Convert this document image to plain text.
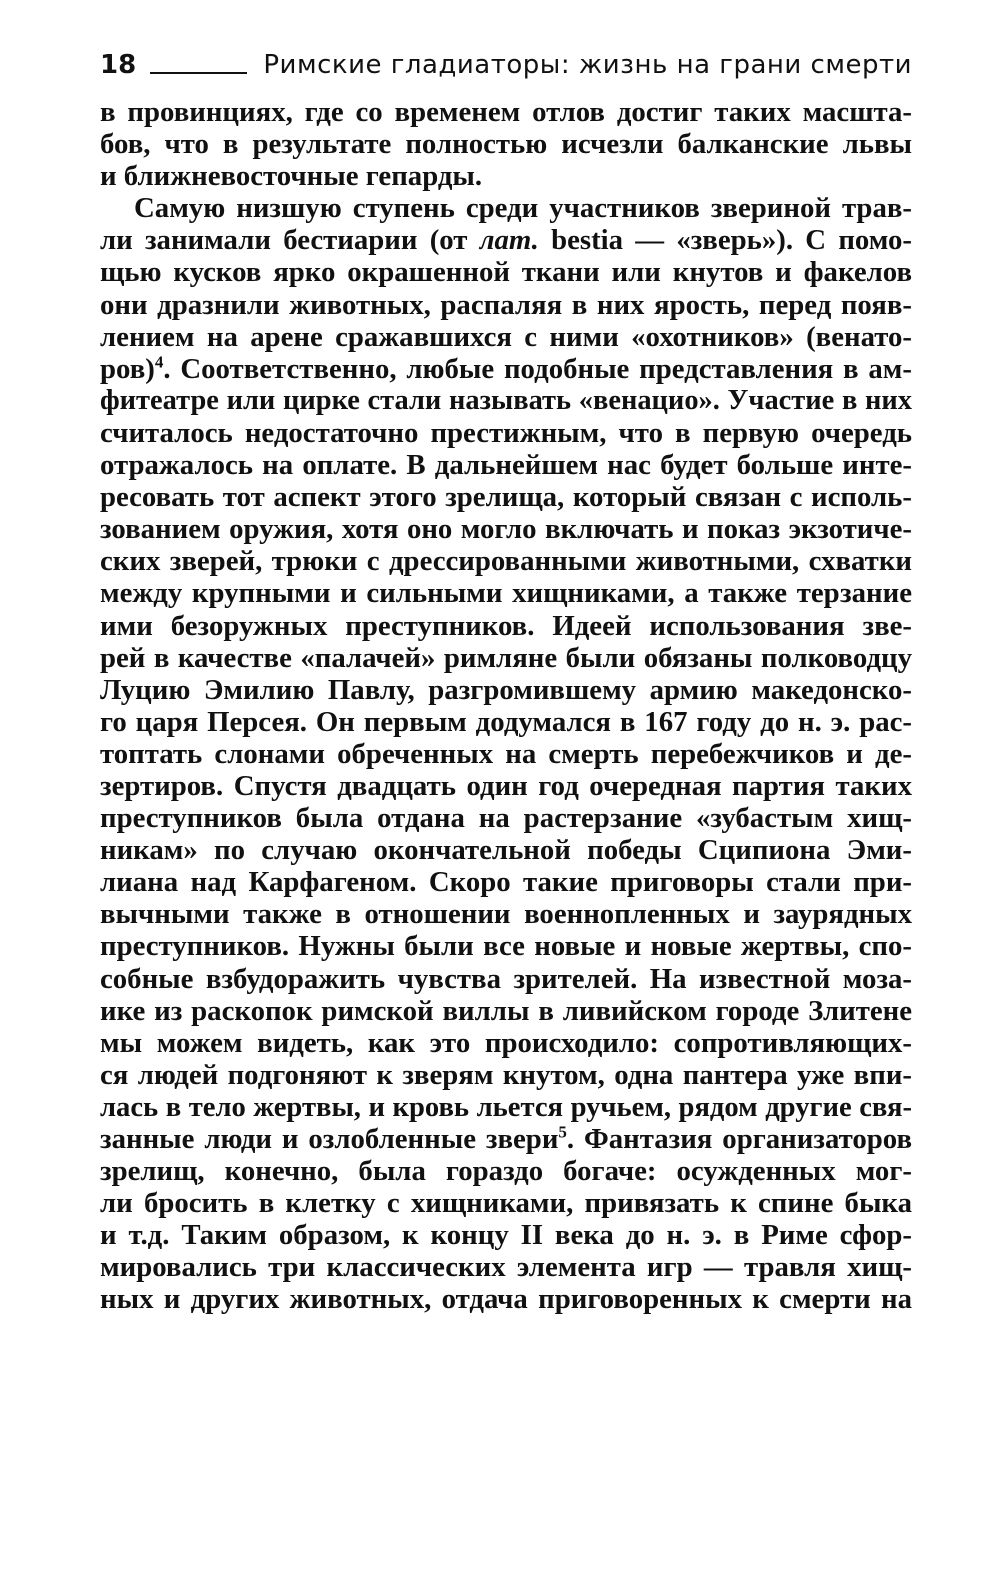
18	Римские гладиаторы: жизнь на грани смерти

в провинциях, где со временем отлов достиг таких масшта-
бов, что в результате полностью исчезли балканские львы
и ближневосточные гепарды.

Самую низшую ступень среди участников звериной трав-
ли занимали бестиарии (от лат. bestia — «зверь»). С помо-
щью кусков ярко окрашенной ткани или кнутов и факелов
они дразнили животных, распаляя в них ярость, перед появ-
лением на арене сражавшихся с ними «охотников» (венато-
ров)$^4$. Соответственно, любые подобные представления в ам-
фитеатре или цирке стали называть «венацио». Участие в них
считалось недостаточно престижным, что в первую очередь
отражалось на оплате. В дальнейшем нас будет больше инте-
ресовать тот аспект этого зрелища, который связан с исполь-
зованием оружия, хотя оно могло включать и показ экзотиче-
ских зверей, трюки с дрессированными животными, схватки
между крупными и сильными хищниками, а также терзание
ими безоружных преступников. Идеей использования зве-
рей в качестве «палачей» римляне были обязаны полководцу
Луцию Эмилию Павлу, разгромившему армию македонско-
го царя Персея. Он первым додумался в 167 году до н. э. рас-
топтать слонами обреченных на смерть перебежчиков и де-
зертиров. Спустя двадцать один год очередная партия таких
преступников была отдана на растерзание «зубастым хищ-
никам» по случаю окончательной победы Сципиона Эми-
лиана над Карфагеном. Скоро такие приговоры стали при-
вычными также в отношении военнопленных и заурядных
преступников. Нужны были все новые и новые жертвы, спо-
собные взбудоражить чувства зрителей. На известной моза-
ике из раскопок римской виллы в ливийском городе Злитене
мы можем видеть, как это происходило: сопротивляющих-
ся людей подгоняют к зверям кнутом, одна пантера уже впи-
лась в тело жертвы, и кровь льется ручьем, рядом другие свя-
занные люди и озлобленные звери$^5$. Фантазия организаторов
зрелищ, конечно, была гораздо богаче: осужденных мог-
ли бросить в клетку с хищниками, привязать к спине быка
и т.д. Таким образом, к концу II века до н. э. в Риме сфор-
мировались три классических элемента игр — травля хищ-
ных и других животных, отдача приговоренных к смерти на
